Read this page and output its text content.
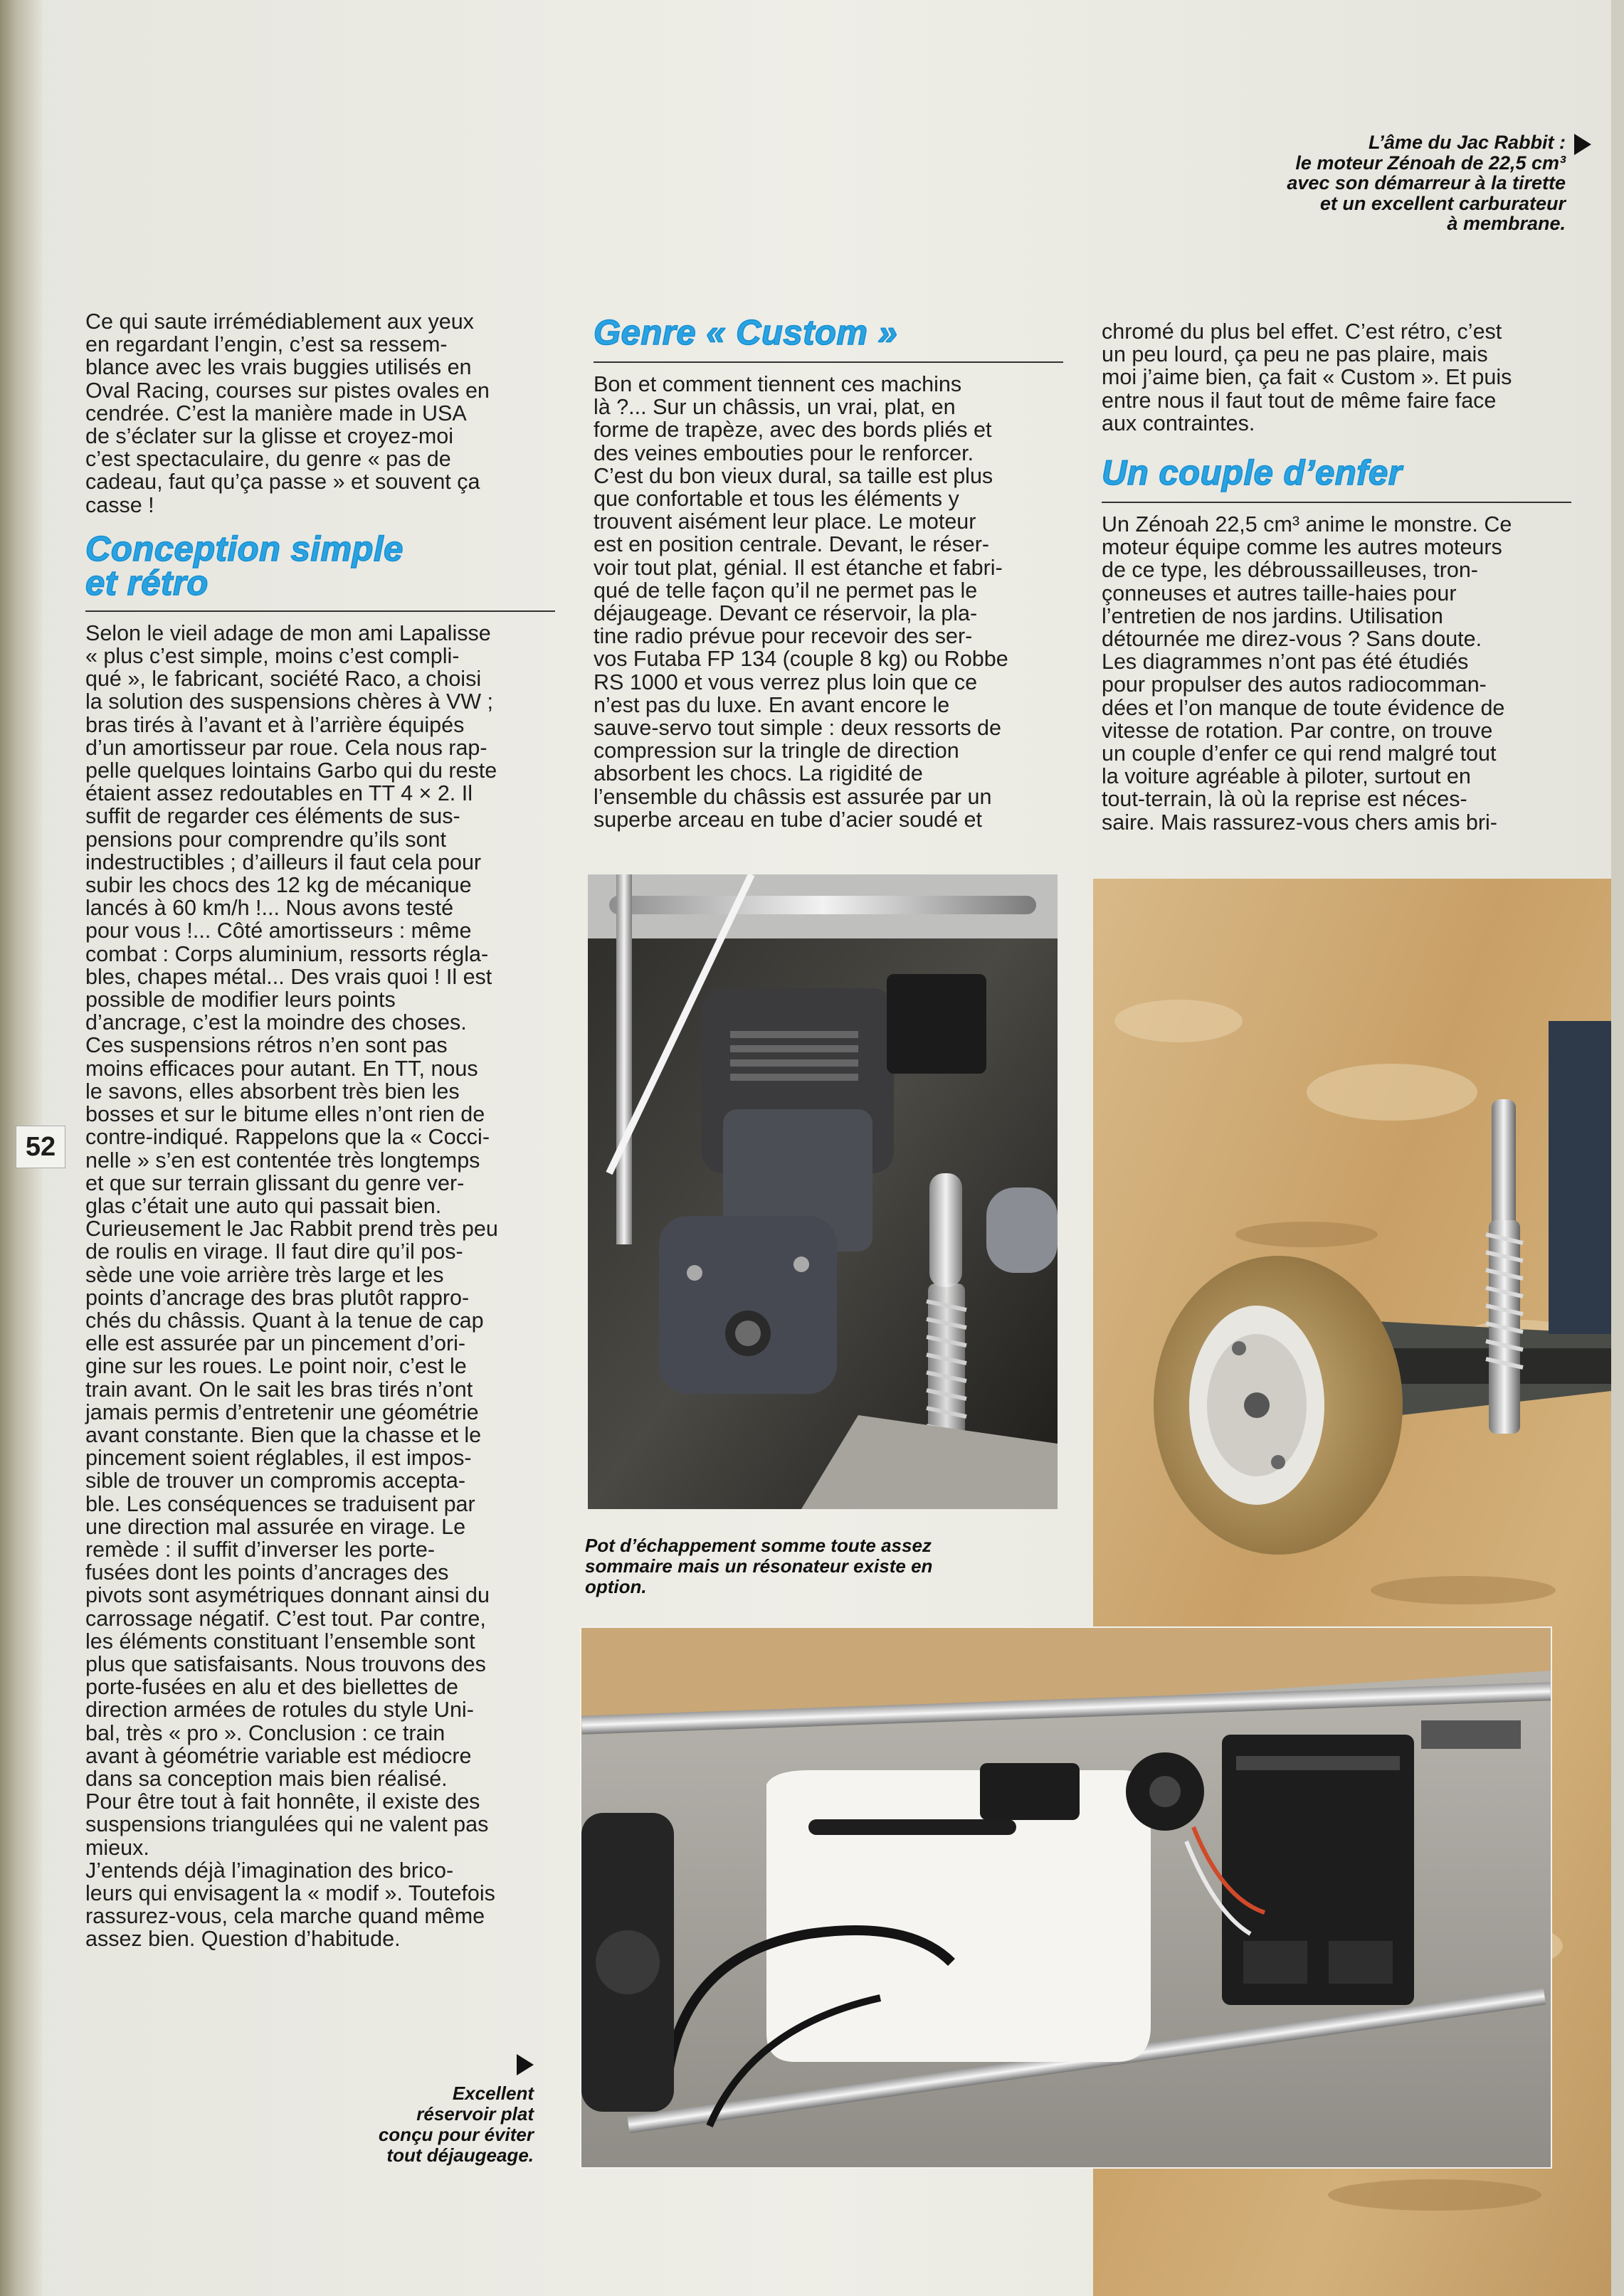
L’âme du Jac Rabbit :
le moteur Zénoah de 22,5 cm³
avec son démarreur à la tirette
et un excellent carburateur
à membrane.
Ce qui saute irrémédiablement aux yeux
en regardant l’engin, c’est sa ressem-
blance avec les vrais buggies utilisés en
Oval Racing, courses sur pistes ovales en
cendrée. C’est la manière made in USA
de s’éclater sur la glisse et croyez-moi
c’est spectaculaire, du genre « pas de
cadeau, faut qu’ça passe » et souvent ça
casse !
Conception simple
et rétro
Selon le vieil adage de mon ami Lapalisse
« plus c’est simple, moins c’est compli-
qué », le fabricant, société Raco, a choisi
la solution des suspensions chères à VW ;
bras tirés à l’avant et à l’arrière équipés
d’un amortisseur par roue. Cela nous rap-
pelle quelques lointains Garbo qui du reste
étaient assez redoutables en TT 4 × 2. Il
suffit de regarder ces éléments de sus-
pensions pour comprendre qu’ils sont
indestructibles ; d’ailleurs il faut cela pour
subir les chocs des 12 kg de mécanique
lancés à 60 km/h !... Nous avons testé
pour vous !... Côté amortisseurs : même
combat : Corps aluminium, ressorts régla-
bles, chapes métal... Des vrais quoi ! Il est
possible de modifier leurs points
d’ancrage, c’est la moindre des choses.
Ces suspensions rétros n’en sont pas
moins efficaces pour autant. En TT, nous
le savons, elles absorbent très bien les
bosses et sur le bitume elles n’ont rien de
contre-indiqué. Rappelons que la « Cocci-
nelle » s’en est contentée très longtemps
et que sur terrain glissant du genre ver-
glas c’était une auto qui passait bien.
Curieusement le Jac Rabbit prend très peu
de roulis en virage. Il faut dire qu’il pos-
sède une voie arrière très large et les
points d’ancrage des bras plutôt rappro-
chés du châssis. Quant à la tenue de cap
elle est assurée par un pincement d’ori-
gine sur les roues. Le point noir, c’est le
train avant. On le sait les bras tirés n’ont
jamais permis d’entretenir une géométrie
avant constante. Bien que la chasse et le
pincement soient réglables, il est impos-
sible de trouver un compromis accepta-
ble. Les conséquences se traduisent par
une direction mal assurée en virage. Le
remède : il suffit d’inverser les porte-
fusées dont les points d’ancrages des
pivots sont asymétriques donnant ainsi du
carrossage négatif. C’est tout. Par contre,
les éléments constituant l’ensemble sont
plus que satisfaisants. Nous trouvons des
porte-fusées en alu et des biellettes de
direction armées de rotules du style Uni-
bal, très « pro ». Conclusion : ce train
avant à géométrie variable est médiocre
dans sa conception mais bien réalisé.
Pour être tout à fait honnête, il existe des
suspensions triangulées qui ne valent pas
mieux.
J’entends déjà l’imagination des brico-
leurs qui envisagent la « modif ». Toutefois
rassurez-vous, cela marche quand même
assez bien. Question d’habitude.
Genre « Custom »
Bon et comment tiennent ces machins
là ?... Sur un châssis, un vrai, plat, en
forme de trapèze, avec des bords pliés et
des veines embouties pour le renforcer.
C’est du bon vieux dural, sa taille est plus
que confortable et tous les éléments y
trouvent aisément leur place. Le moteur
est en position centrale. Devant, le réser-
voir tout plat, génial. Il est étanche et fabri-
qué de telle façon qu’il ne permet pas le
déjaugeage. Devant ce réservoir, la pla-
tine radio prévue pour recevoir des ser-
vos Futaba FP 134 (couple 8 kg) ou Robbe
RS 1000 et vous verrez plus loin que ce
n’est pas du luxe. En avant encore le
sauve-servo tout simple : deux ressorts de
compression sur la tringle de direction
absorbent les chocs. La rigidité de
l’ensemble du châssis est assurée par un
superbe arceau en tube d’acier soudé et
chromé du plus bel effet. C’est rétro, c’est
un peu lourd, ça peu ne pas plaire, mais
moi j’aime bien, ça fait « Custom ». Et puis
entre nous il faut tout de même faire face
aux contraintes.
Un couple d’enfer
Un Zénoah 22,5 cm³ anime le monstre. Ce
moteur équipe comme les autres moteurs
de ce type, les débroussailleuses, tron-
çonneuses et autres taille-haies pour
l’entretien de nos jardins. Utilisation
détournée me direz-vous ? Sans doute.
Les diagrammes n’ont pas été étudiés
pour propulser des autos radiocomman-
dées et l’on manque de toute évidence de
vitesse de rotation. Par contre, on trouve
un couple d’enfer ce qui rend malgré tout
la voiture agréable à piloter, surtout en
tout-terrain, là où la reprise est néces-
saire. Mais rassurez-vous chers amis bri-
52
Pot d’échappement somme toute assez
sommaire mais un résonateur existe en
option.
Excellent
réservoir plat
conçu pour éviter
tout déjaugeage.
